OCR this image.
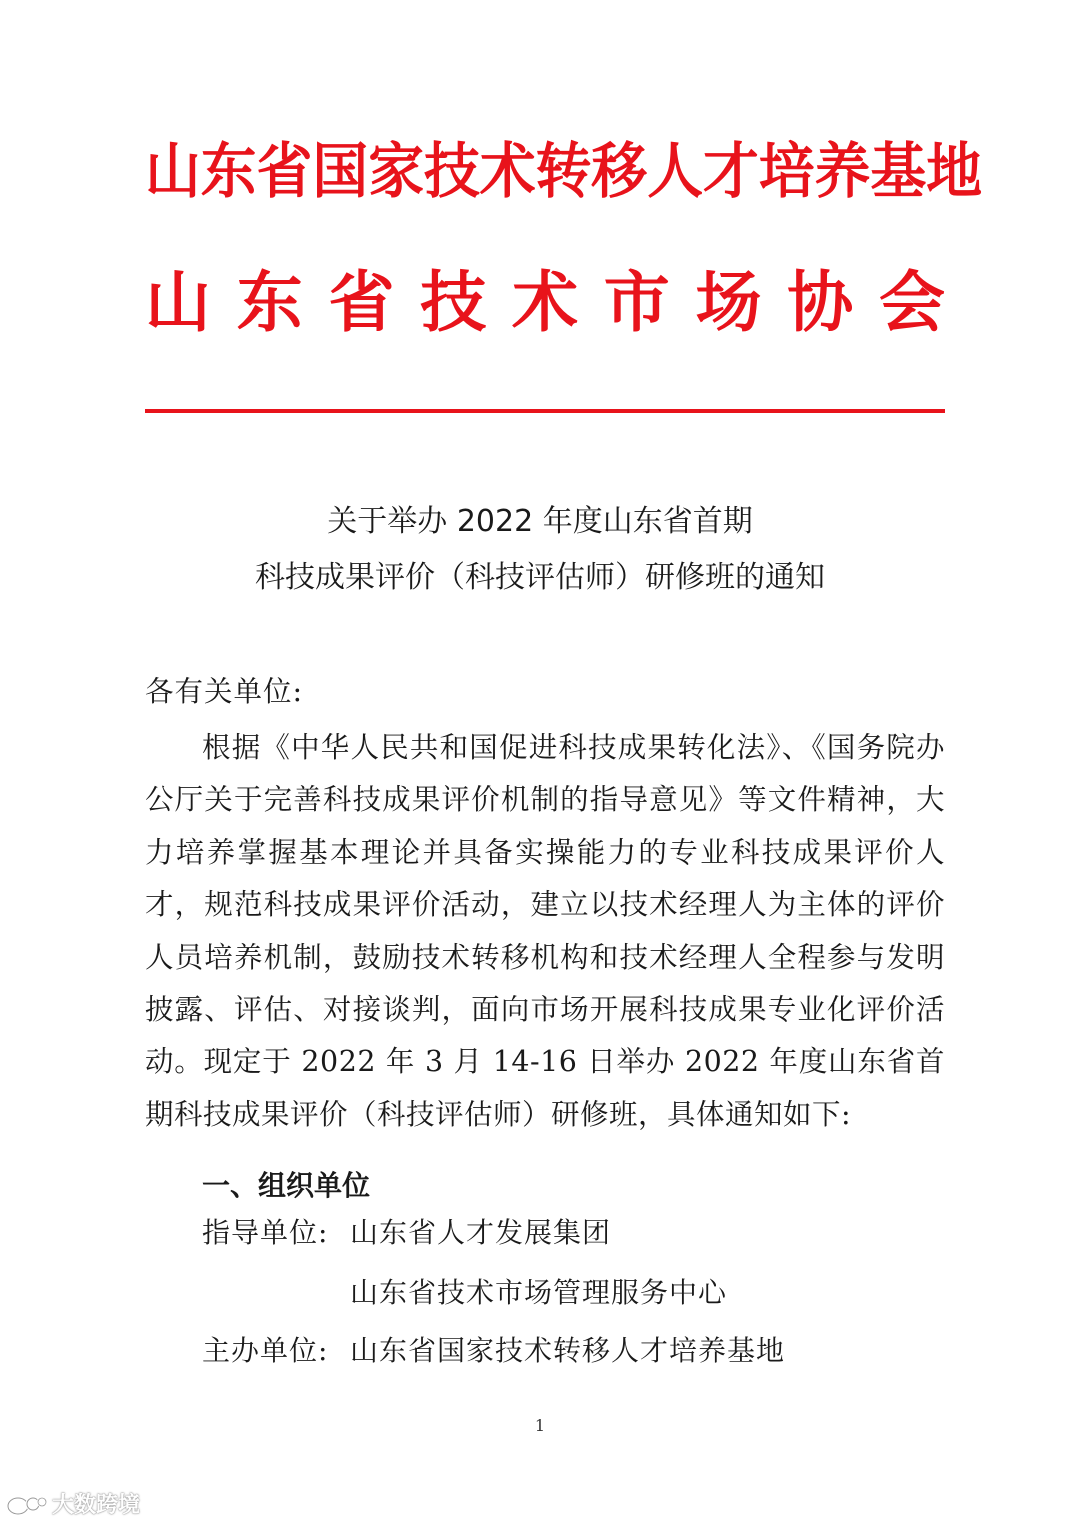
山东省国家技术转移人才培养基地
山东省技术市场协会
关于举办 2022 年度山东省首期
科技成果评价（科技评估师）研修班的通知
各有关单位:
根据《中华人民共和国促进科技成果转化法》、《国务院办公厅关于完善科技成果评价机制的指导意见》等文件精神，大力培养掌握基本理论并具备实操能力的专业科技成果评价人才，规范科技成果评价活动，建立以技术经理人为主体的评价人员培养机制，鼓励技术转移机构和技术经理人全程参与发明披露、评估、对接谈判，面向市场开展科技成果专业化评价活动。现定于 2022 年 3 月 14-16 日举办 2022 年度山东省首期科技成果评价（科技评估师）研修班，具体通知如下:
一、组织单位
指导单位: 山东省人才发展集团
山东省技术市场管理服务中心
主办单位: 山东省国家技术转移人才培养基地
1
大数跨境
